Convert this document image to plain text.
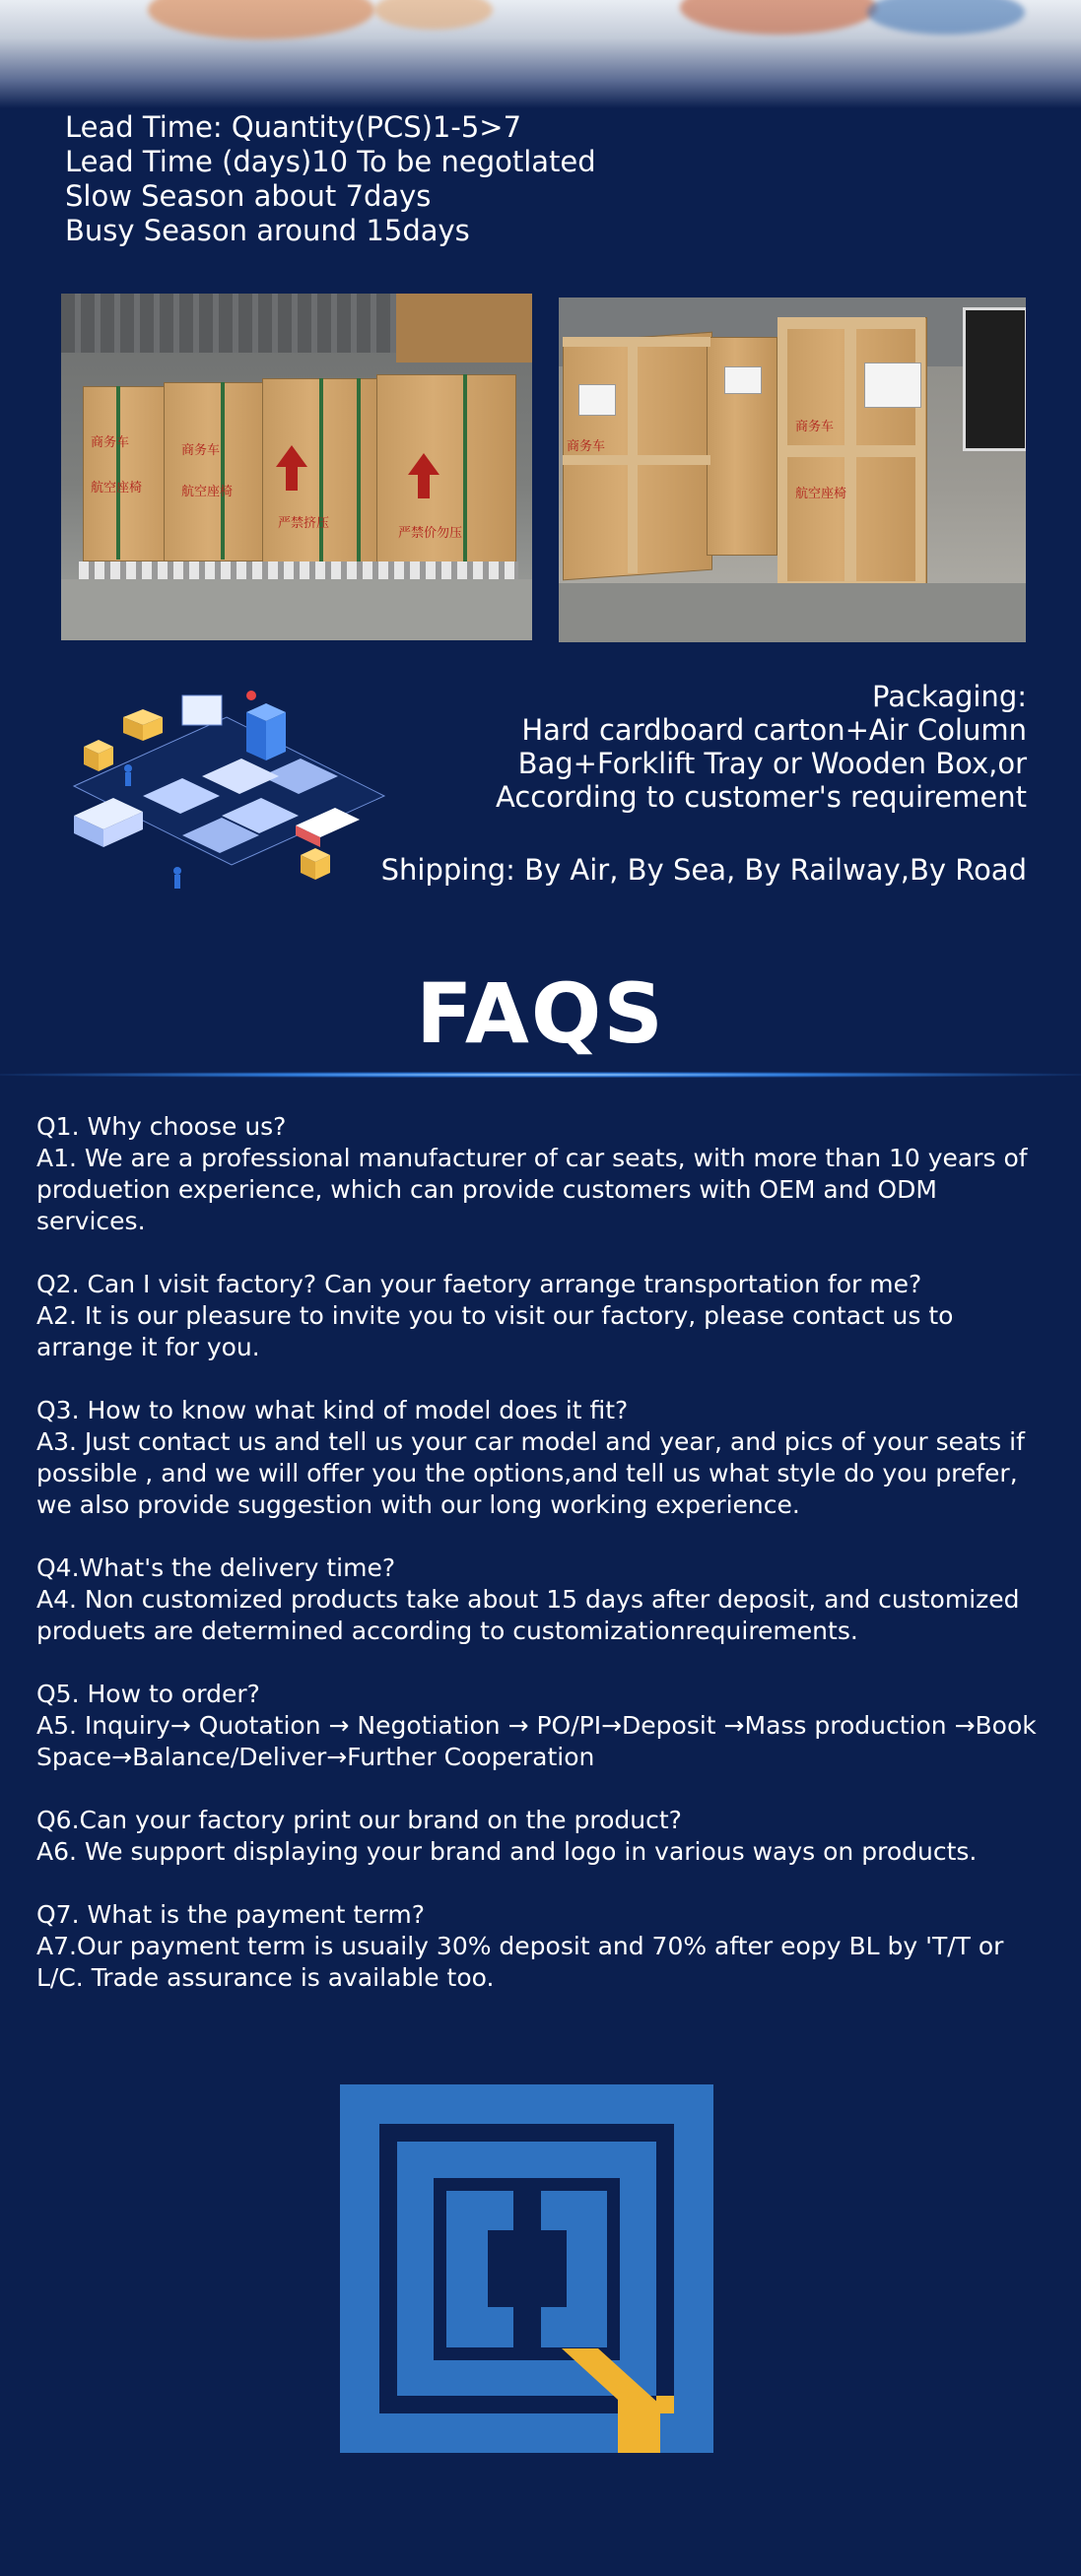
Lead Time: Quantity(PCS)1-5>7
Lead Time (days)10 To be negotlated
Slow Season about 7days
Busy Season around 15days
商务车
航空座椅
商务车
航空座椅
严禁挤压
严禁价勿压
商务车
商务车
航空座椅
Packaging:
Hard cardboard carton+Air Column
Bag+Forklift Tray or Wooden Box,or
According to customer's requirement
Shipping: By Air, By Sea, By Railway,By Road
FAQS

Q1. Why choose us?

A1. We are a professional manufacturer of car seats, with more than 10 years of produetion experience, which can provide customers with OEM and ODM services.

Q2. Can I visit factory? Can your faetory arrange transportation for me?

A2. It is our pleasure to invite you to visit our factory, please contact us to arrange it for you.

Q3. How to know what kind of model does it fit?

A3. Just contact us and tell us your car model and year, and pics of your seats if possible , and we will offer you the options,and tell us what style do you prefer, we also provide suggestion with our long working experience.

Q4.What's the delivery time?

A4. Non customized products take about 15 days after deposit, and customized produets are determined according to customizationrequirements.

Q5. How to order?

A5. Inquiry→ Quotation → Negotiation → PO/PI→Deposit →Mass production →Book Space→Balance/Deliver→Further Cooperation

Q6.Can your factory print our brand on the product?

A6. We support displaying your brand and logo in various ways on products.

Q7. What is the payment term?

A7.Our payment term is usuaily 30% deposit and 70% after eopy BL by 'T/T or L/C. Trade assurance is available too.
